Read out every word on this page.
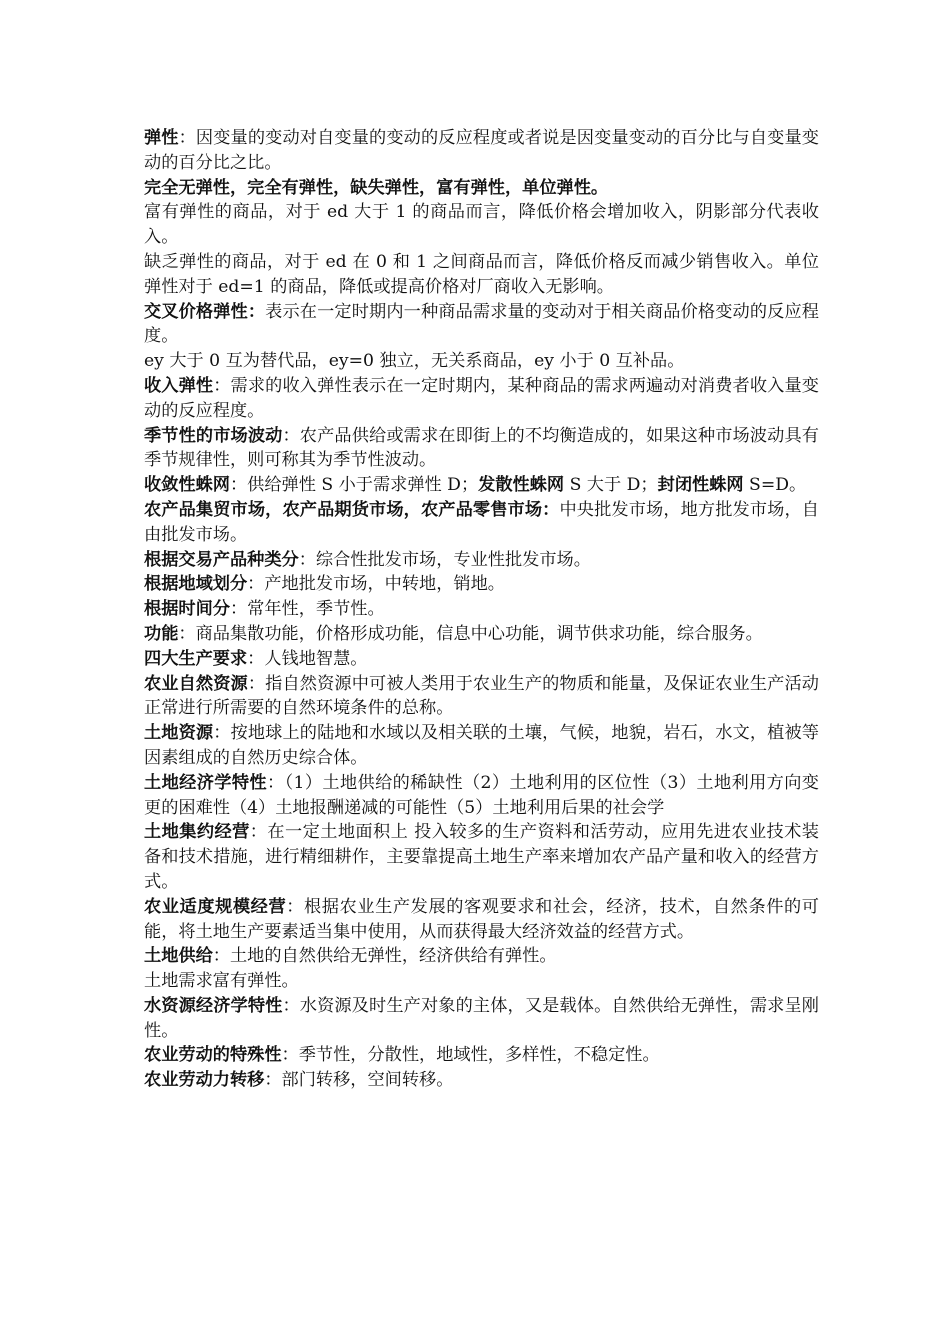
弹性：因变量的变动对自变量的变动的反应程度或者说是因变量变动的百分比与自变量变动的百分比之比。

完全无弹性，完全有弹性，缺失弹性，富有弹性，单位弹性。

富有弹性的商品，对于 ed 大于 1 的商品而言，降低价格会增加收入，阴影部分代表收入。

缺乏弹性的商品，对于 ed 在 0 和 1 之间商品而言，降低价格反而减少销售收入。单位弹性对于 ed=1 的商品，降低或提高价格对厂商收入无影响。

交叉价格弹性：表示在一定时期内一种商品需求量的变动对于相关商品价格变动的反应程度。

ey 大于 0 互为替代品，ey=0 独立，无关系商品，ey 小于 0 互补品。

收入弹性：需求的收入弹性表示在一定时期内，某种商品的需求两遍动对消费者收入量变动的反应程度。

季节性的市场波动：农产品供给或需求在即街上的不均衡造成的，如果这种市场波动具有季节规律性，则可称其为季节性波动。

收敛性蛛网：供给弹性 S 小于需求弹性 D；发散性蛛网 S 大于 D；封闭性蛛网 S=D。

农产品集贸市场，农产品期货市场，农产品零售市场：中央批发市场，地方批发市场，自由批发市场。

根据交易产品种类分：综合性批发市场，专业性批发市场。

根据地域划分：产地批发市场，中转地，销地。

根据时间分：常年性，季节性。

功能：商品集散功能，价格形成功能，信息中心功能，调节供求功能，综合服务。

四大生产要求：人钱地智慧。

农业自然资源：指自然资源中可被人类用于农业生产的物质和能量，及保证农业生产活动正常进行所需要的自然环境条件的总称。

土地资源：按地球上的陆地和水域以及相关联的土壤，气候，地貌，岩石，水文，植被等因素组成的自然历史综合体。

土地经济学特性：（1）土地供给的稀缺性（2）土地利用的区位性（3）土地利用方向变更的困难性（4）土地报酬递减的可能性（5）土地利用后果的社会学

土地集约经营：在一定土地面积上 投入较多的生产资料和活劳动，应用先进农业技术装备和技术措施，进行精细耕作，主要靠提高土地生产率来增加农产品产量和收入的经营方式。

农业适度规模经营：根据农业生产发展的客观要求和社会，经济，技术，自然条件的可能，将土地生产要素适当集中使用，从而获得最大经济效益的经营方式。

土地供给：土地的自然供给无弹性，经济供给有弹性。

土地需求富有弹性。

水资源经济学特性：水资源及时生产对象的主体，又是载体。自然供给无弹性，需求呈刚性。

农业劳动的特殊性：季节性，分散性，地域性，多样性，不稳定性。

农业劳动力转移：部门转移，空间转移。
